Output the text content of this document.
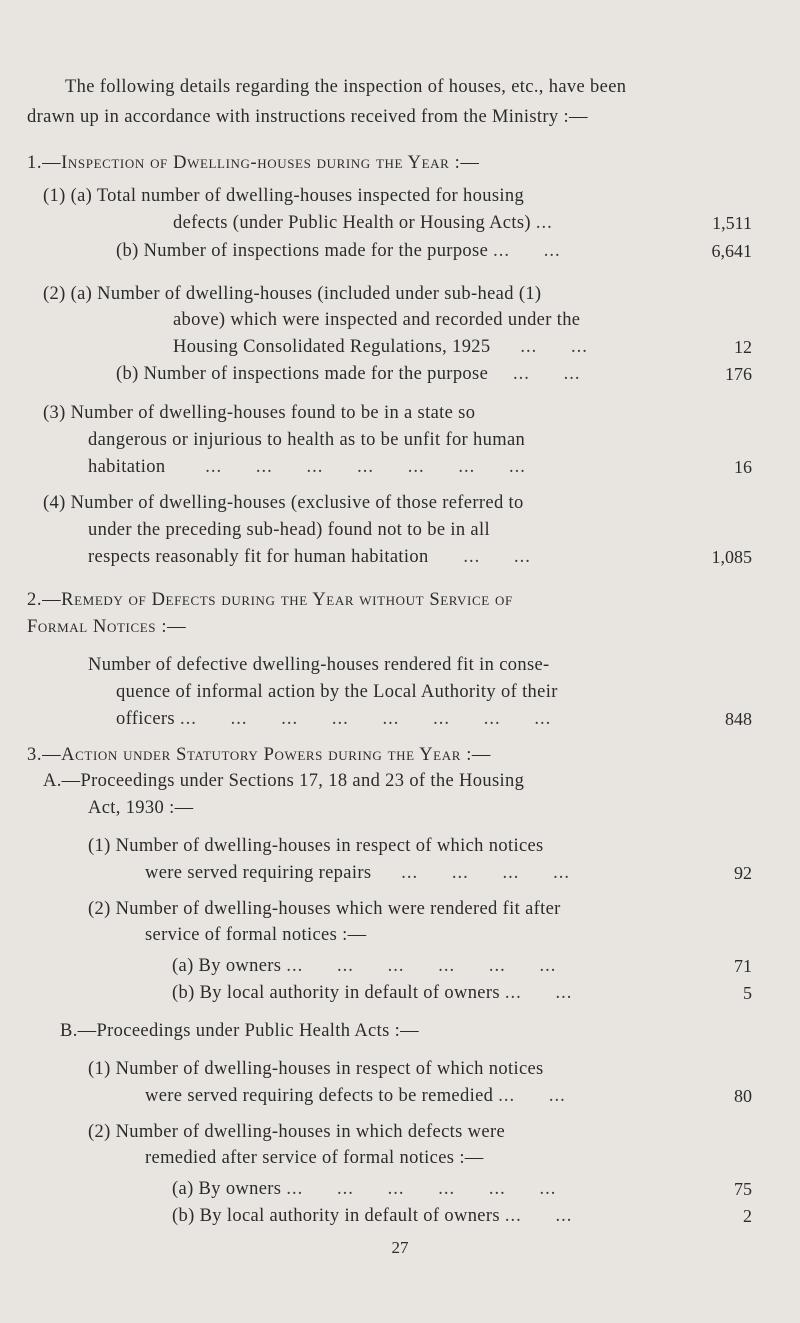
The following details regarding the inspection of houses, etc., have been
drawn up in accordance with instructions received from the Ministry :—
1.—Inspection of Dwelling-houses during the Year :—
(1) (a) Total number of dwelling-houses inspected for housing
defects (under Public Health or Housing Acts) ...	1,511
(b) Number of inspections made for the purpose ...      ...	6,641
(2) (a) Number of dwelling-houses (included under sub-head (1)
above) which were inspected and recorded under the
Housing Consolidated Regulations, 1925 ...      ...	12
(b) Number of inspections made for the purpose ...      ...	176
(3) Number of dwelling-houses found to be in a state so
dangerous or injurious to health as to be unfit for human
habitation ...      ...      ...      ...      ...      ...      ...	16
(4) Number of dwelling-houses (exclusive of those referred to
under the preceding sub-head) found not to be in all
respects reasonably fit for human habitation ...      ...	1,085
2.—Remedy of Defects during the Year without Service of
Formal Notices :—
Number of defective dwelling-houses rendered fit in conse-
quence of informal action by the Local Authority of their
officers ...      ...      ...      ...      ...      ...      ...      ...	848
3.—Action under Statutory Powers during the Year :—
A.—Proceedings under Sections 17, 18 and 23 of the Housing
Act, 1930 :—
(1) Number of dwelling-houses in respect of which notices
were served requiring repairs ...      ...      ...      ...	92
(2) Number of dwelling-houses which were rendered fit after
service of formal notices :—
(a) By owners ...      ...      ...      ...      ...      ...	71
(b) By local authority in default of owners ...      ...	5
B.—Proceedings under Public Health Acts :—
(1) Number of dwelling-houses in respect of which notices
were served requiring defects to be remedied ...      ...	80
(2) Number of dwelling-houses in which defects were
remedied after service of formal notices :—
(a) By owners ...      ...      ...      ...      ...      ...	75
(b) By local authority in default of owners ...      ...	2
27
